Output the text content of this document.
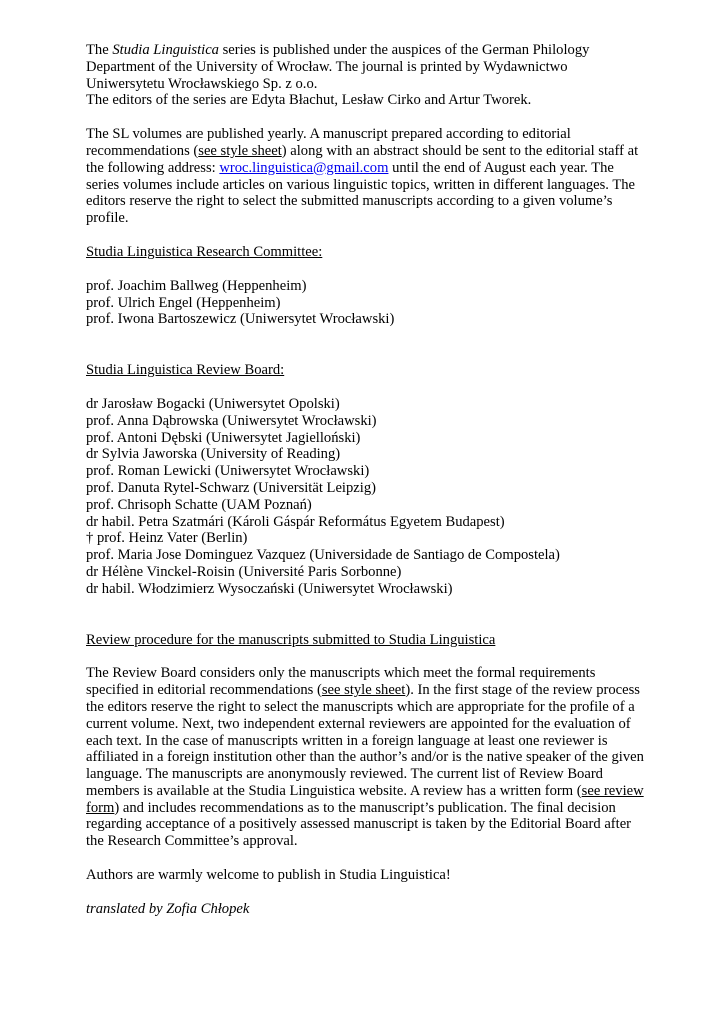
The Studia Linguistica series is published under the auspices of the German Philology Department of the University of Wrocław. The journal is printed by Wydawnictwo Uniwersytetu Wrocławskiego Sp. z o.o.

The editors of the series are Edyta Błachut, Lesław Cirko and Artur Tworek.

The SL volumes are published yearly. A manuscript prepared according to editorial recommendations (see style sheet) along with an abstract should be sent to the editorial staff at the following address: wroc.linguistica@gmail.com until the end of August each year. The series volumes include articles on various linguistic topics, written in different languages. The editors reserve the right to select the submitted manuscripts according to a given volume’s profile.

Studia Linguistica Research Committee:

prof. Joachim Ballweg (Heppenheim)

prof. Ulrich Engel (Heppenheim)

prof. Iwona Bartoszewicz (Uniwersytet Wrocławski)

Studia Linguistica Review Board:

dr Jarosław Bogacki (Uniwersytet Opolski)

prof. Anna Dąbrowska (Uniwersytet Wrocławski)

prof. Antoni Dębski (Uniwersytet Jagielloński)

dr Sylvia Jaworska (University of Reading)

prof. Roman Lewicki (Uniwersytet Wrocławski)

prof. Danuta Rytel-Schwarz (Universität Leipzig)

prof. Chrisoph Schatte (UAM Poznań)

dr habil. Petra Szatmári (Károli Gáspár Református Egyetem Budapest)

† prof. Heinz Vater (Berlin)

prof. Maria Jose Dominguez Vazquez (Universidade de Santiago de Compostela)

dr Hélène Vinckel-Roisin (Université Paris Sorbonne)

dr habil. Włodzimierz Wysoczański (Uniwersytet Wrocławski)

Review procedure for the manuscripts submitted to Studia Linguistica

The Review Board considers only the manuscripts which meet the formal requirements specified in editorial recommendations (see style sheet). In the first stage of the review process the editors reserve the right to select the manuscripts which are appropriate for the profile of a current volume. Next, two independent external reviewers are appointed for the evaluation of each text. In the case of manuscripts written in a foreign language at least one reviewer is affiliated in a foreign institution other than the author’s and/or is the native speaker of the given language. The manuscripts are anonymously reviewed. The current list of Review Board members is available at the Studia Linguistica website. A review has a written form (see review form) and includes recommendations as to the manuscript’s publication. The final decision regarding acceptance of a positively assessed manuscript is taken by the Editorial Board after the Research Committee’s approval.

Authors are warmly welcome to publish in Studia Linguistica!

translated by Zofia Chłopek
